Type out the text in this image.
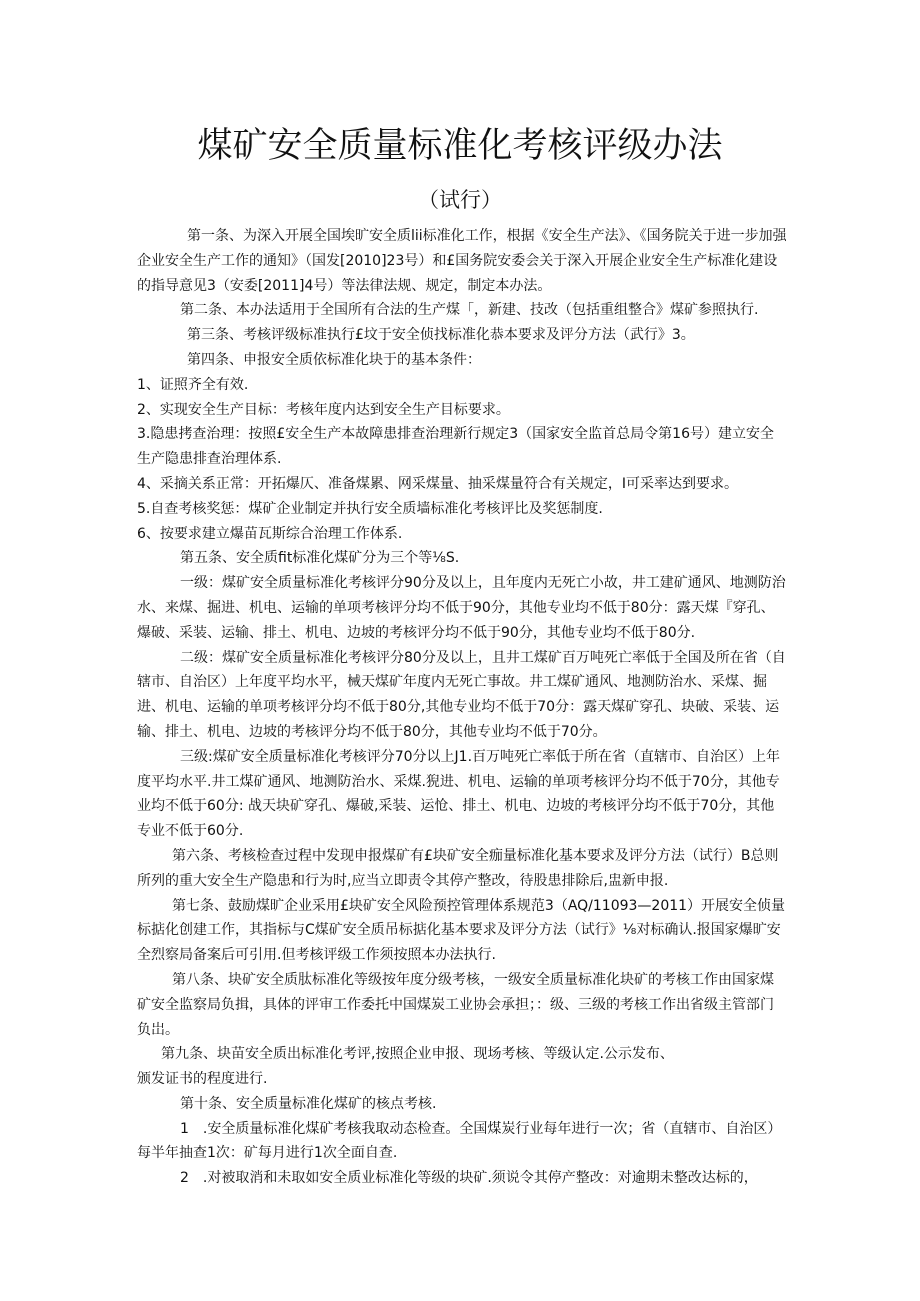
煤矿安全质量标准化考核评级办法
（试行）

第一条、为深入开展全国埃旷安全质lii标准化工作，根据《安全生产法》、《国务院关于进一步加强企业安全生产工作的通知》（国发[2010]23号）和£国务院安委会关于深入开展企业安全生产标准化建设的指导意见3（安委[2011]4号）等法律法规、规定，制定本办法。

第二条、本办法适用于全国所有合法的生产煤「，新建、技改（包括重组整合》煤矿参照执行.

第三条、考核评级标准执行£坟于安全侦找标准化恭本要求及评分方法（武行》3。

第四条、申报安全质依标准化块于的基本条件：

1、证照齐全有效.

2、实现安全生产目标：考核年度内达到安全生产目标要求。

3.隐患拷查治理：按照£安全生产本故障患排查治理新行规定3（国家安全监首总局令第16号）建立安全生产隐患排查治理体系.

4、采摘关系正常：开拓爆仄、准备煤累、网采煤量、抽采煤量符合有关规定，I可采率达到要求。

5.自查考核奖惩：煤矿企业制定并执行安全质墙标准化考核评比及奖惩制度.

6、按要求建立爆苗瓦斯综合治理工作体系.

第五条、安全质fit标准化煤矿分为三个等⅛S.

一级：煤矿安全质量标准化考核评分90分及以上，且年度内无死亡小故，井工建矿通风、地测防治水、来煤、掘进、机电、运输的单项考核评分均不低于90分，其他专业均不低于80分：露天煤『穿孔、爆破、采装、运输、排土、机电、边坡的考核评分均不低于90分，其他专业均不低于80分.

二级：煤矿安全质量标准化考核评分80分及以上，且井工煤矿百万吨死亡率低于全国及所在省（自辖市、自治区）上年度平均水平，械天煤矿年度内无死亡事故。井工煤矿通风、地测防治水、采煤、掘进、机电、运输的单项考核评分均不低于80分,其他专业均不低于70分：露天煤矿穿孔、块破、采装、运输、排土、机电、边坡的考核评分均不低于80分，其他专业均不低于70分。

三级:煤矿安全质量标准化考核评分70分以上J1.百万吨死亡率低于所在省（直辖市、自治区）上年度平均水平.井工煤矿通风、地测防治水、采煤.猊进、机电、运输的单项考核评分均不低于70分，其他专业均不低于60分: 战天块矿穿孔、爆破,采装、运怆、排土、机电、边坡的考核评分均不低于70分，其他专业不低于60分.

第六条、考核检查过程中发现申报煤矿有£块矿安全痂量标准化基本要求及评分方法（试行）B总则所列的重大安全生产隐患和行为时,应当立即责令其停产整改，待股患排除后,盅新申报.

第七条、鼓励煤旷企业采用£块矿安全风险预控管理体系规范3（AQ/11093—2011）开展安全侦量标掂化创建工作，其指标与C煤矿安全质吊标掂化基本要求及评分方法（试行》⅛对标确认.报国家爆旷安全烈察局备案后可引用.但考核评级工作须按照本办法执行.

第八条、块矿安全质肽标准化等级按年度分级考核，一级安全质量标准化块矿的考核工作由国家煤矿安全监察局负揖，具体的评审工作委托中国煤炭工业协会承担；：级、三级的考核工作出省级主管部门负岀。

第九条、块苗安全质出标准化考评,按照企业申报、现场考核、等级认定.公示发布、

颁发证书的程度进行.

第十条、安全质量标准化煤矿的核点考核.

1　.安全质量标准化煤矿考核我取动态检查。全国煤炭行业每年进行一次；省（直辖市、自治区）每半年抽查1次：矿每月进行1次全面自查.

2　.对被取消和未取如安全质业标准化等级的块矿.须说令其停产整改：对逾期未整改达标的，
